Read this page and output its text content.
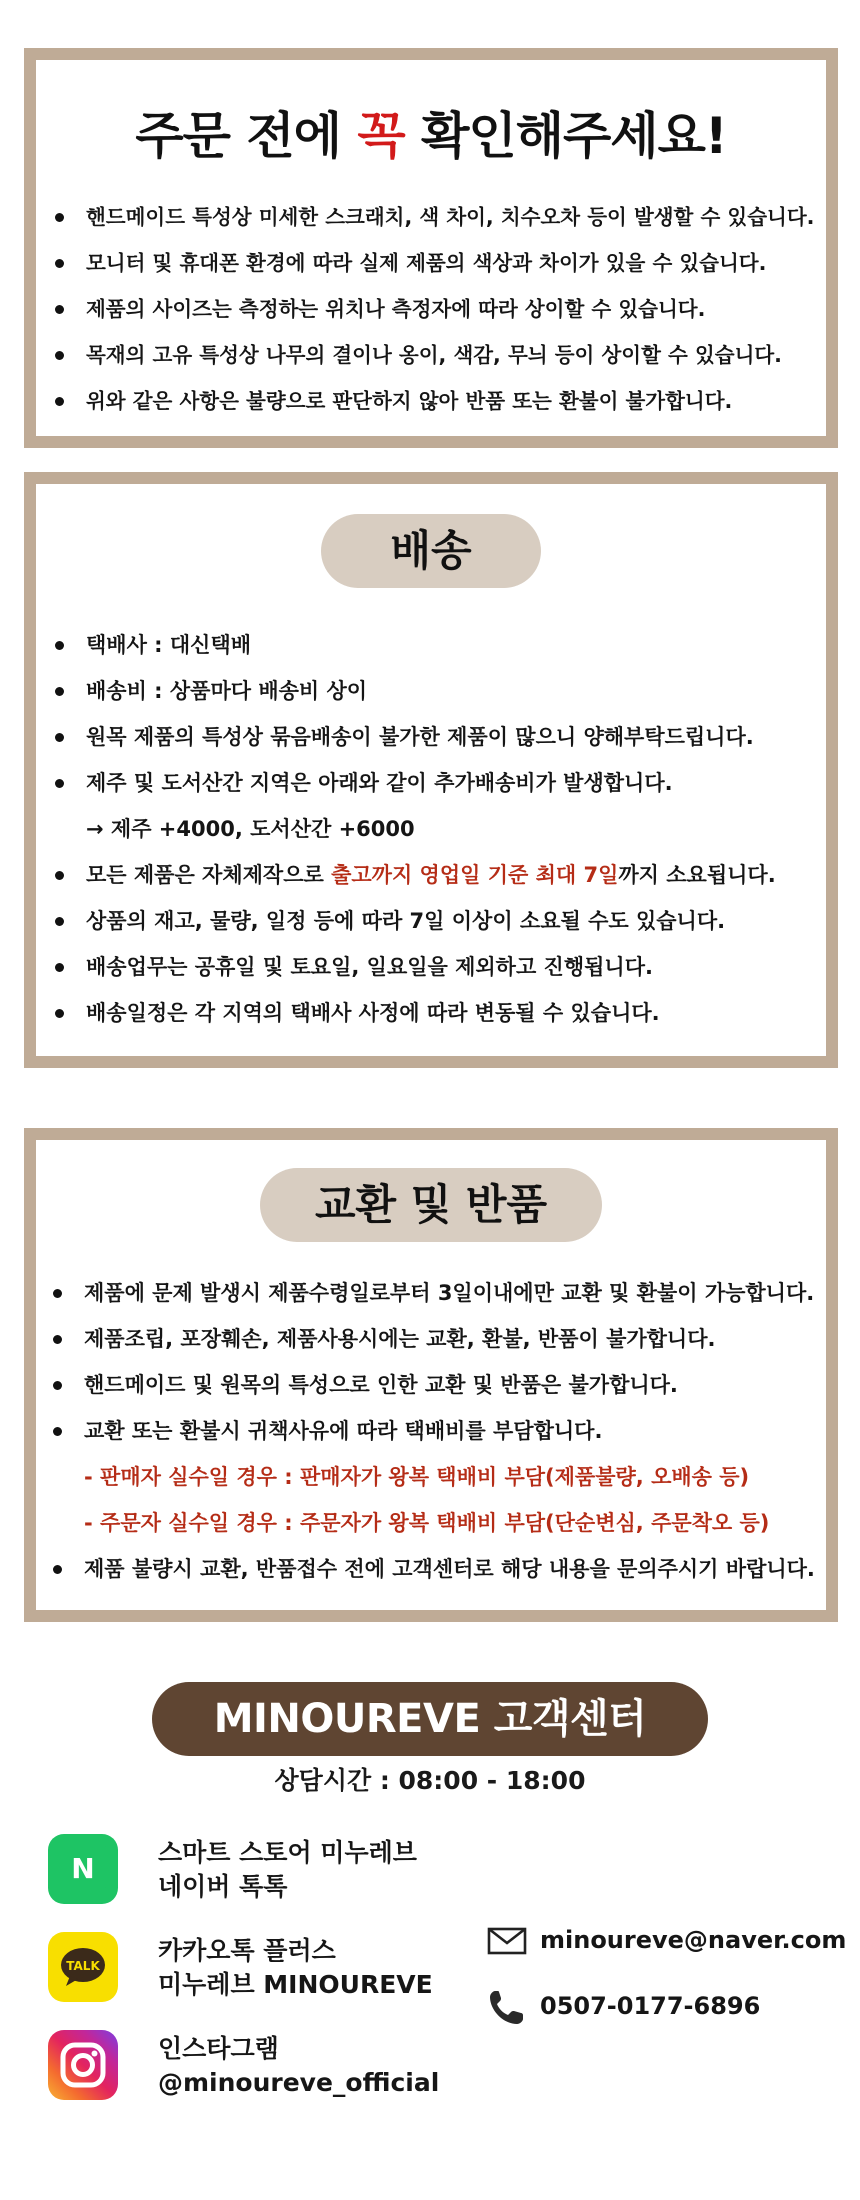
주문 전에 꼭 확인해주세요!
핸드메이드 특성상 미세한 스크래치, 색 차이, 치수오차 등이 발생할 수 있습니다.
모니터 및 휴대폰 환경에 따라 실제 제품의 색상과 차이가 있을 수 있습니다.
제품의 사이즈는 측정하는 위치나 측정자에 따라 상이할 수 있습니다.
목재의 고유 특성상 나무의 결이나 옹이, 색감, 무늬 등이 상이할 수 있습니다.
위와 같은 사항은 불량으로 판단하지 않아 반품 또는 환불이 불가합니다.
배송
택배사 : 대신택배
배송비 : 상품마다 배송비 상이
원목 제품의 특성상 묶음배송이 불가한 제품이 많으니 양해부탁드립니다.
제주 및 도서산간 지역은 아래와 같이 추가배송비가 발생합니다.
→ 제주 +4000, 도서산간 +6000
모든 제품은 자체제작으로 출고까지 영업일 기준 최대 7일까지 소요됩니다.
상품의 재고, 물량, 일정 등에 따라 7일 이상이 소요될 수도 있습니다.
배송업무는 공휴일 및 토요일, 일요일을 제외하고 진행됩니다.
배송일정은 각 지역의 택배사 사정에 따라 변동될 수 있습니다.
교환 및 반품
제품에 문제 발생시 제품수령일로부터 3일이내에만 교환 및 환불이 가능합니다.
제품조립, 포장훼손, 제품사용시에는 교환, 환불, 반품이 불가합니다.
핸드메이드 및 원목의 특성으로 인한 교환 및 반품은 불가합니다.
교환 또는 환불시 귀책사유에 따라 택배비를 부담합니다.
- 판매자 실수일 경우 : 판매자가 왕복 택배비 부담(제품불량, 오배송 등)
- 주문자 실수일 경우 : 주문자가 왕복 택배비 부담(단순변심, 주문착오 등)
제품 불량시 교환, 반품접수 전에 고객센터로 해당 내용을 문의주시기 바랍니다.
MINOUREVE 고객센터
상담시간 : 08:00 - 18:00
N	스마트 스토어 미누레브
네이버 톡톡
TALK
카카오톡 플러스
미누레브 MINOUREVE
인스타그램
@minoureve_official
minoureve@naver.com
0507-0177-6896
